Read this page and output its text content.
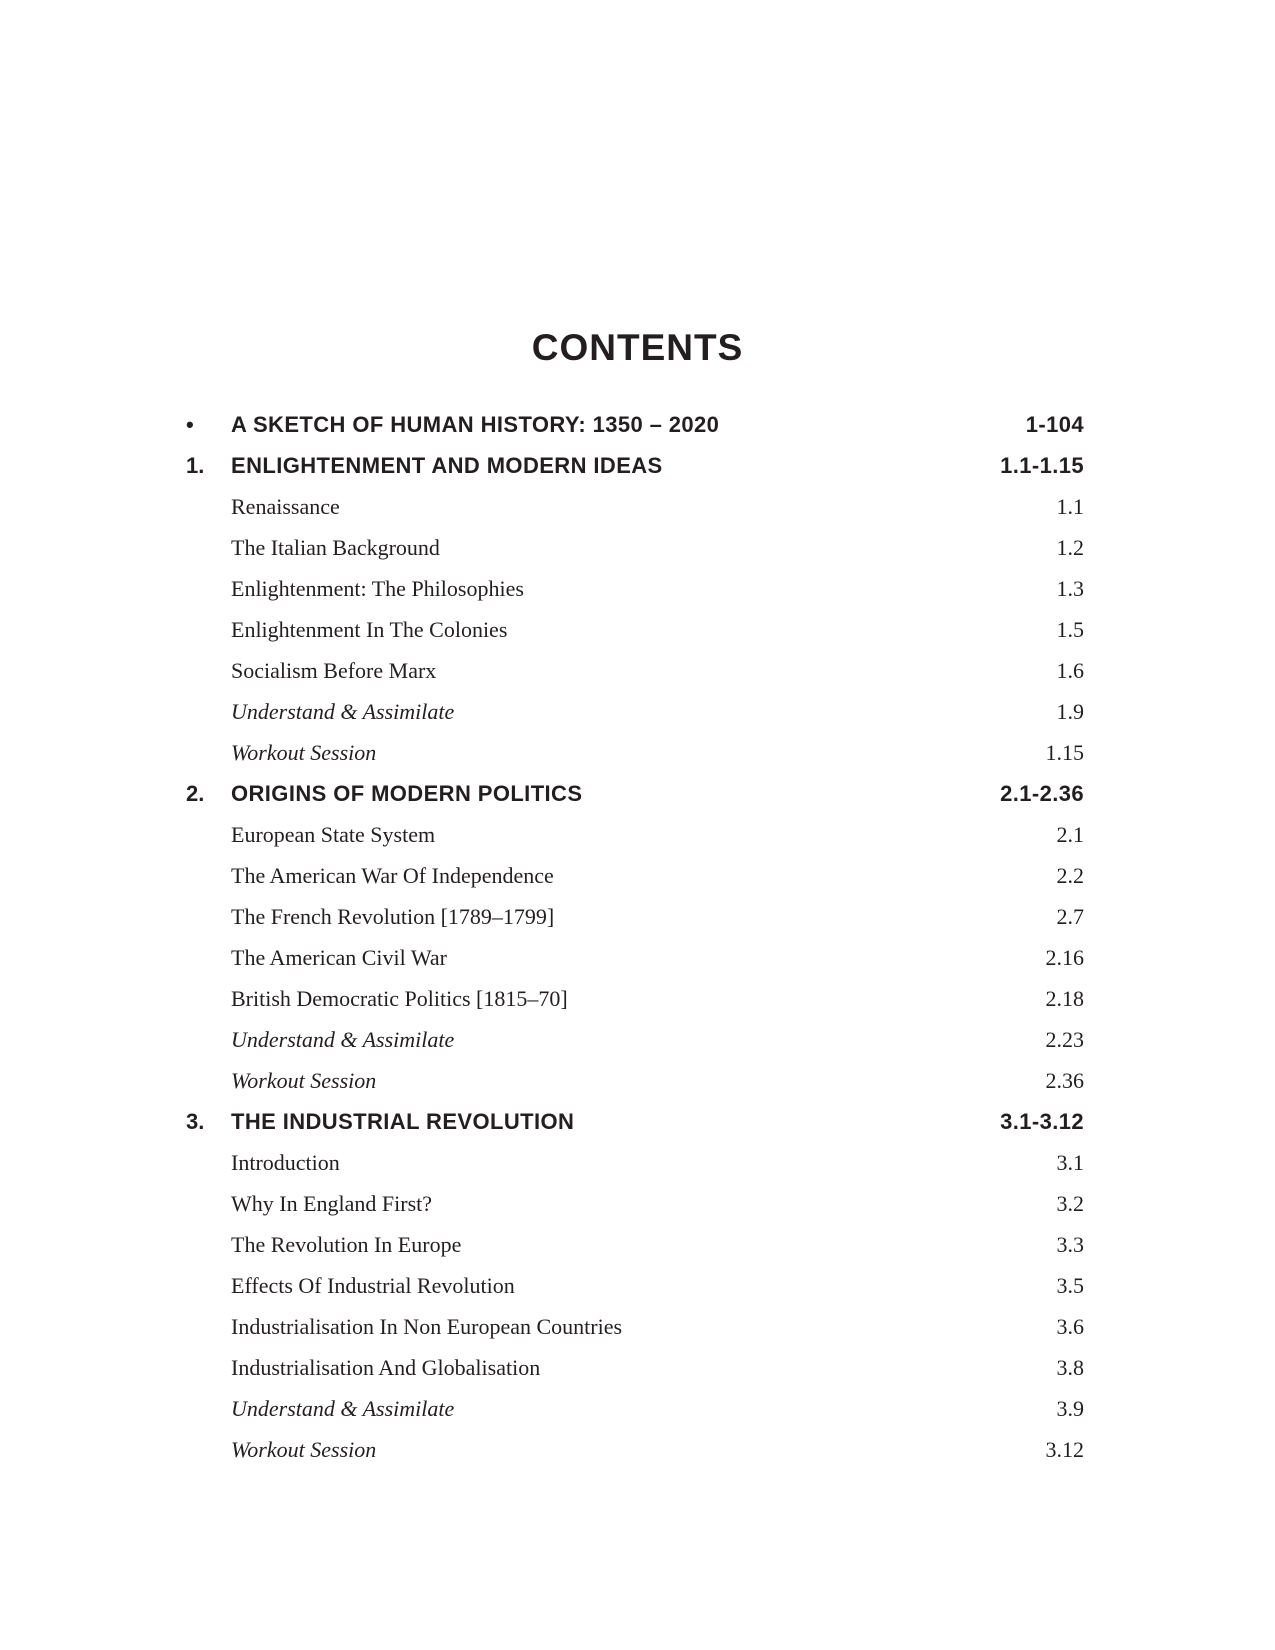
CONTENTS
• A SKETCH OF HUMAN HISTORY: 1350 – 2020	1-104
1. ENLIGHTENMENT AND MODERN IDEAS	1.1-1.15
Renaissance	1.1
The Italian Background	1.2
Enlightenment: The Philosophies	1.3
Enlightenment In The Colonies	1.5
Socialism Before Marx	1.6
Understand & Assimilate	1.9
Workout Session	1.15
2. ORIGINS OF MODERN POLITICS	2.1-2.36
European State System	2.1
The American War Of Independence	2.2
The French Revolution [1789–1799]	2.7
The American Civil War	2.16
British Democratic Politics [1815–70]	2.18
Understand & Assimilate	2.23
Workout Session	2.36
3. THE INDUSTRIAL REVOLUTION	3.1-3.12
Introduction	3.1
Why In England First?	3.2
The Revolution In Europe	3.3
Effects Of Industrial Revolution	3.5
Industrialisation In Non European Countries	3.6
Industrialisation And Globalisation	3.8
Understand & Assimilate	3.9
Workout Session	3.12
